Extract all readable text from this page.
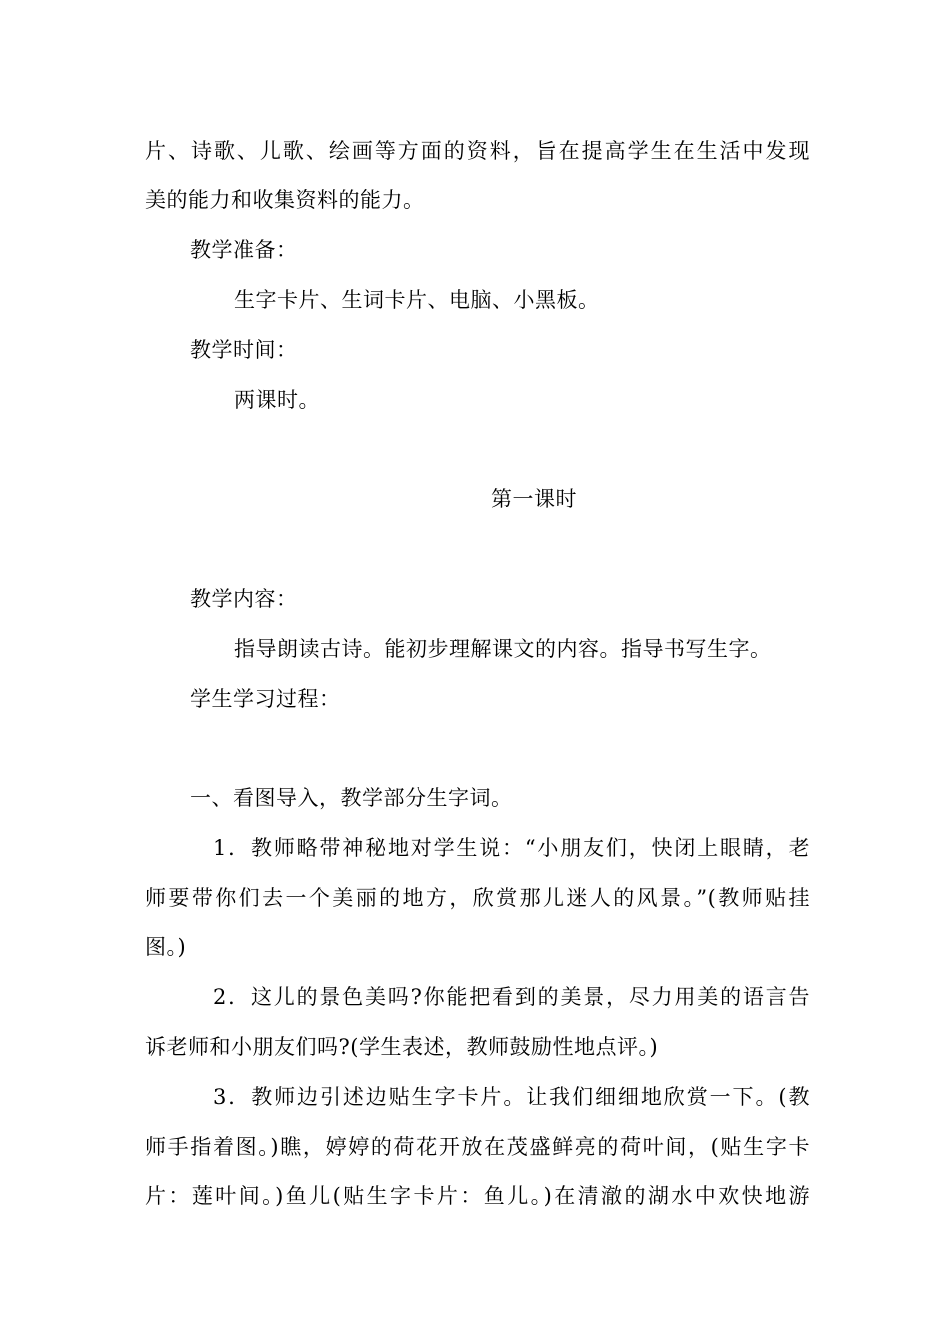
片、诗歌、儿歌、绘画等方面的资料，旨在提高学生在生活中发现
美的能力和收集资料的能力。
教学准备：
生字卡片、生词卡片、电脑、小黑板。
教学时间：
两课时。
第一课时
教学内容：
指导朗读古诗。能初步理解课文的内容。指导书写生字。
学生学习过程：
一、看图导入，教学部分生字词。
1．教师略带神秘地对学生说：“小朋友们，快闭上眼睛，老
师要带你们去一个美丽的地方，欣赏那儿迷人的风景。”(教师贴挂
图。)
2．这儿的景色美吗?你能把看到的美景，尽力用美的语言告
诉老师和小朋友们吗?(学生表述，教师鼓励性地点评。)
3．教师边引述边贴生字卡片。让我们细细地欣赏一下。(教
师手指着图。)瞧，婷婷的荷花开放在茂盛鲜亮的荷叶间，(贴生字卡
片：莲叶间。)鱼儿(贴生字卡片：鱼儿。)在清澈的湖水中欢快地游
